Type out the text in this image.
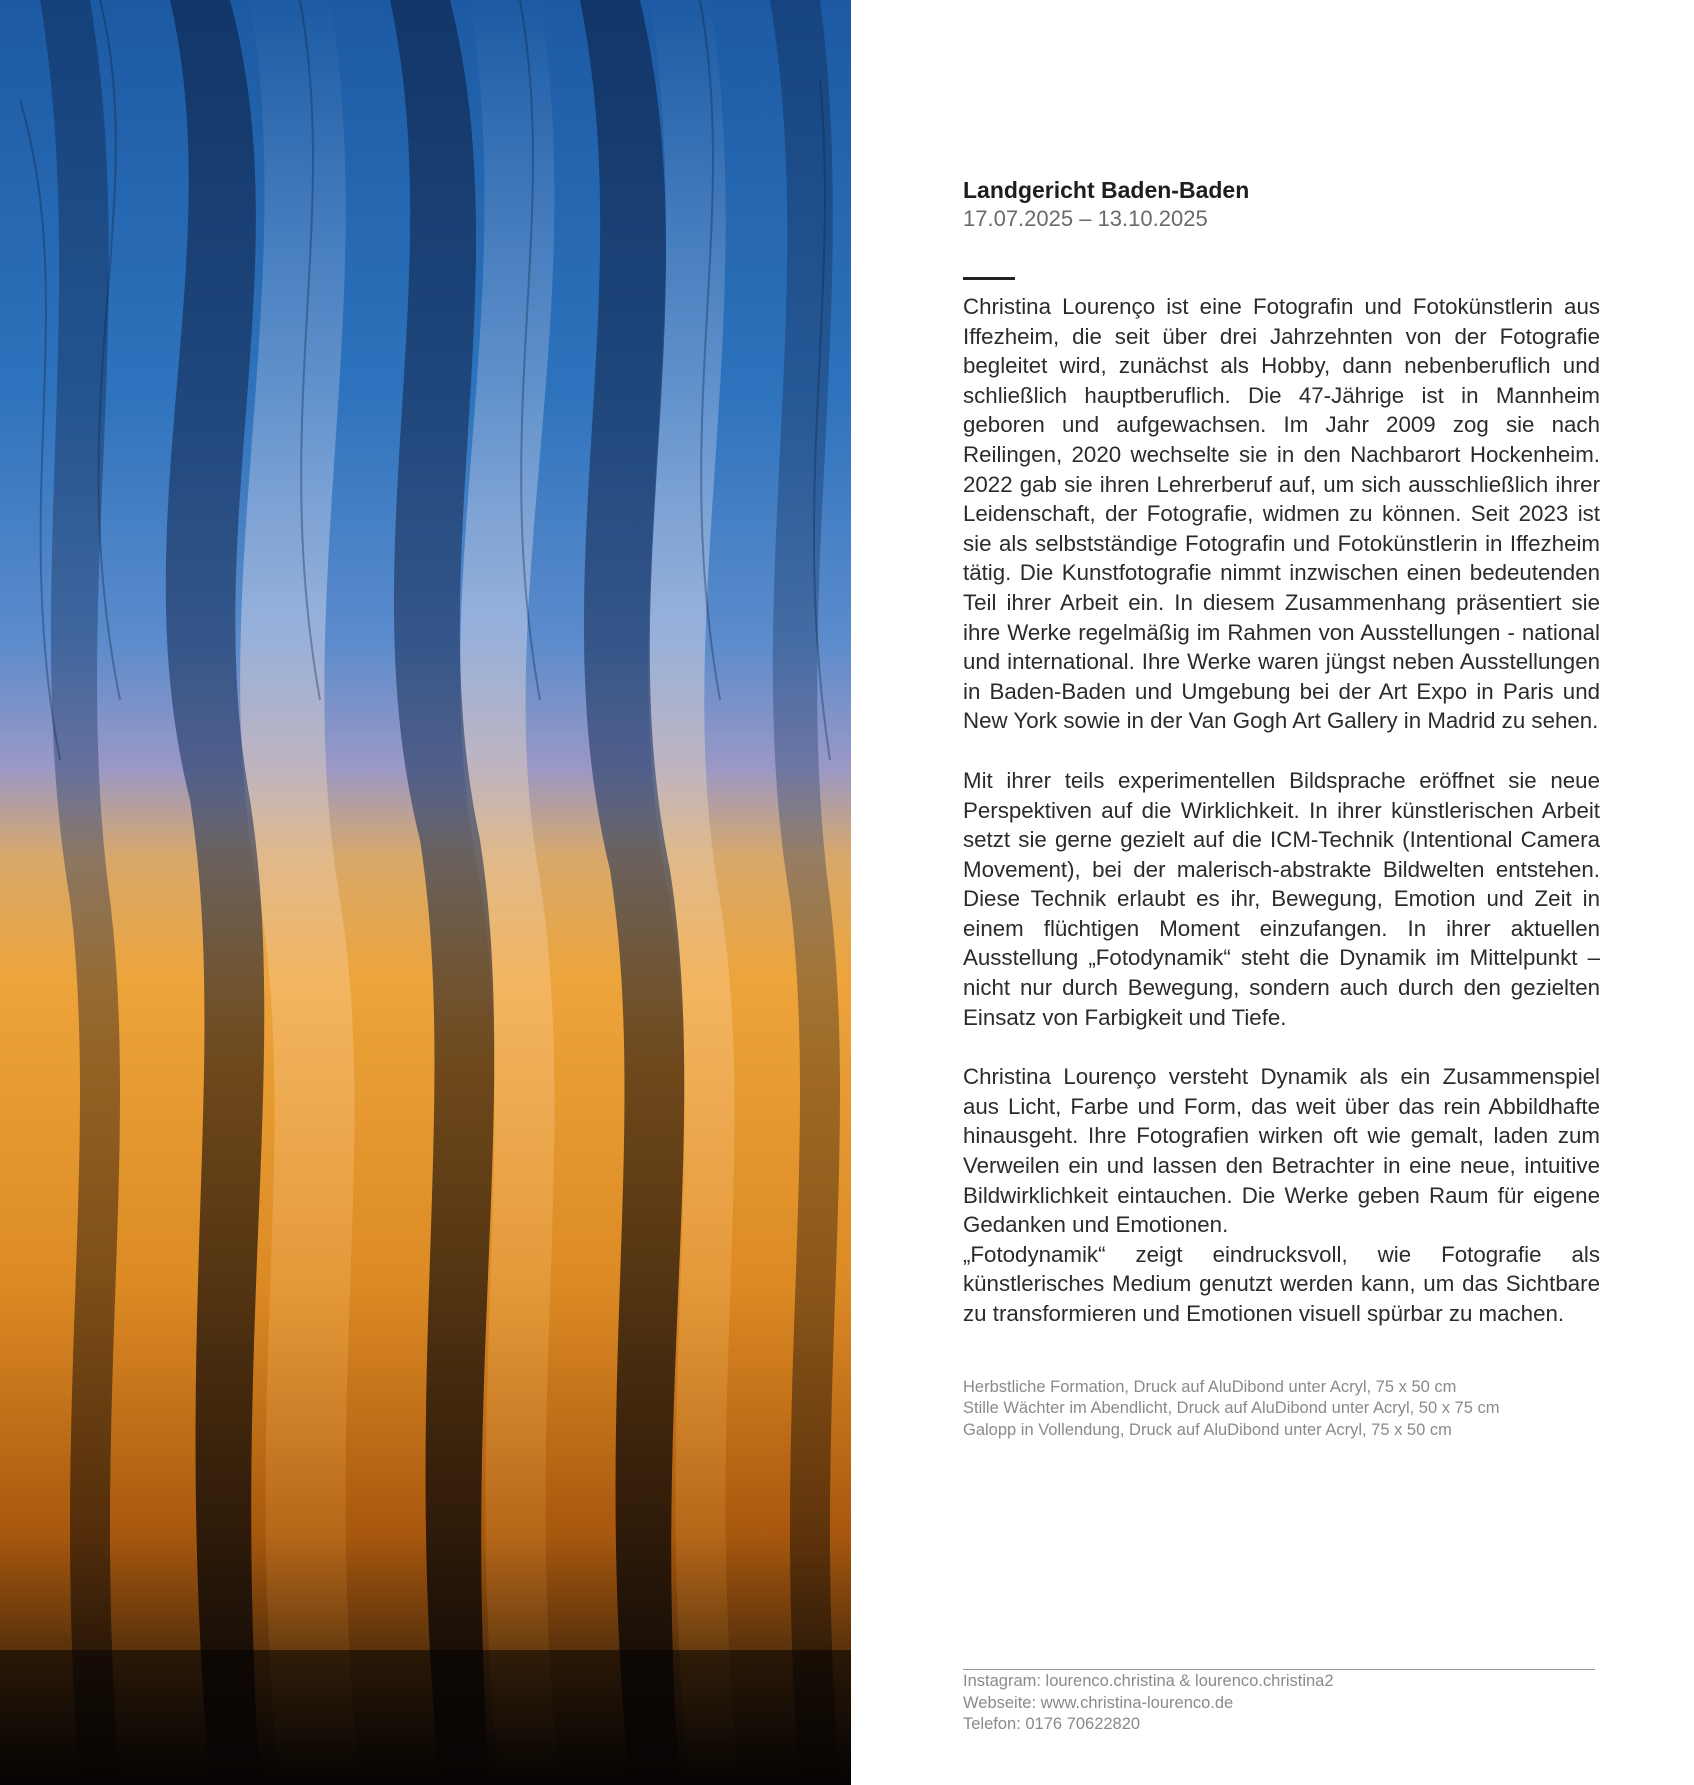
Landgericht Baden-Baden

17.07.2025 – 13.10.2025

Christina Lourenço ist eine Fotografin und Fotokünstlerin aus Iffezheim, die seit über drei Jahrzehnten von der Fotografie begleitet wird, zunächst als Hobby, dann nebenberuflich und schließlich hauptberuflich. Die 47-Jährige ist in Mannheim geboren und aufgewachsen. Im Jahr 2009 zog sie nach Reilingen, 2020 wechselte sie in den Nachbarort Hockenheim. 2022 gab sie ihren Lehrerberuf auf, um sich ausschließlich ihrer Leidenschaft, der Fotografie, widmen zu können. Seit 2023 ist sie als selbstständige Fotografin und Fotokünstlerin in Iffezheim tätig. Die Kunstfotografie nimmt inzwischen einen bedeutenden Teil ihrer Arbeit ein. In diesem Zusammenhang präsentiert sie ihre Werke regelmäßig im Rahmen von Ausstellungen - national und international. Ihre Werke waren jüngst neben Ausstellungen in Baden-Baden und Umgebung bei der Art Expo in Paris und New York sowie in der Van Gogh Art Gallery in Madrid zu sehen.

Mit ihrer teils experimentellen Bildsprache eröffnet sie neue Perspektiven auf die Wirklichkeit. In ihrer künstlerischen Arbeit setzt sie gerne gezielt auf die ICM-Technik (Intentional Camera Movement), bei der malerisch-abstrakte Bildwelten entstehen. Diese Technik erlaubt es ihr, Bewegung, Emotion und Zeit in einem flüchtigen Moment einzufangen. In ihrer aktuellen Ausstellung „Fotodynamik“ steht die Dynamik im Mittelpunkt – nicht nur durch Bewegung, sondern auch durch den gezielten Einsatz von Farbigkeit und Tiefe.

Christina Lourenço versteht Dynamik als ein Zusammenspiel aus Licht, Farbe und Form, das weit über das rein Abbildhafte hinausgeht. Ihre Fotografien wirken oft wie gemalt, laden zum Verweilen ein und lassen den Betrachter in eine neue, intuitive Bildwirklichkeit eintauchen. Die Werke geben Raum für eigene Gedanken und Emotionen.

„Fotodynamik“ zeigt eindrucksvoll, wie Fotografie als künstlerisches Medium genutzt werden kann, um das Sichtbare zu transformieren und Emotionen visuell spürbar zu machen.

Herbstliche Formation, Druck auf AluDibond unter Acryl, 75 x 50 cm

Stille Wächter im Abendlicht, Druck auf AluDibond unter Acryl, 50 x 75 cm

Galopp in Vollendung, Druck auf AluDibond unter Acryl, 75 x 50 cm

Instagram: lourenco.christina & lourenco.christina2

Webseite: www.christina-lourenco.de

Telefon: 0176 70622820
